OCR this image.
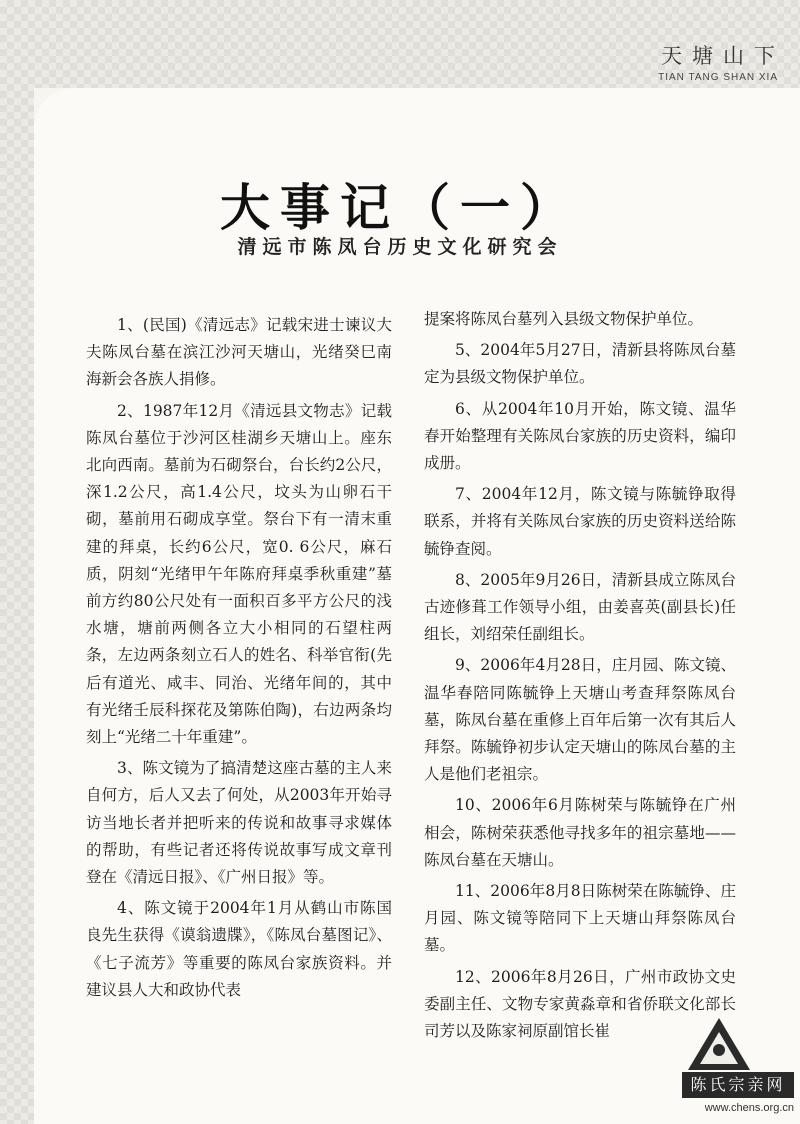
天塘山下
TIAN TANG SHAN XIA
大事记（一）
清远市陈凤台历史文化研究会

1、(民国)《清远志》记载宋进士谏议大夫陈凤台墓在滨江沙河天塘山，光绪癸巳南海新会各族人捐修。

2、1987年12月《清远县文物志》记载陈凤台墓位于沙河区桂湖乡天塘山上。座东北向西南。墓前为石砌祭台，台长约2公尺，深1.2公尺，高1.4公尺，坟头为山卵石干砌，墓前用石砌成享堂。祭台下有一清末重建的拜桌，长约6公尺，宽0. 6公尺，麻石质，阴刻“光绪甲午年陈府拜桌季秋重建”墓前方约80公尺处有一面积百多平方公尺的浅水塘，塘前两侧各立大小相同的石望柱两条，左边两条刻立石人的姓名、科举官衔(先后有道光、咸丰、同治、光绪年间的，其中有光绪壬辰科探花及第陈伯陶)，右边两条均刻上“光绪二十年重建”。

3、陈文镜为了搞清楚这座古墓的主人来自何方，后人又去了何处，从2003年开始寻访当地长者并把听来的传说和故事寻求媒体的帮助，有些记者还将传说故事写成文章刊登在《清远日报》、《广州日报》等。

4、陈文镜于2004年1月从鹤山市陈国良先生获得《谟翁遗牒》，《陈凤台墓图记》、《七子流芳》等重要的陈凤台家族资料。并建议县人大和政协代表

提案将陈凤台墓列入县级文物保护单位。

5、2004年5月27日，清新县将陈凤台墓定为县级文物保护单位。

6、从2004年10月开始，陈文镜、温华春开始整理有关陈凤台家族的历史资料，编印成册。

7、2004年12月，陈文镜与陈毓铮取得联系，并将有关陈凤台家族的历史资料送给陈毓铮查阅。

8、2005年9月26日，清新县成立陈凤台古迹修葺工作领导小组，由姜喜英(副县长)任组长，刘绍荣任副组长。

9、2006年4月28日，庄月园、陈文镜、温华春陪同陈毓铮上天塘山考查拜祭陈凤台墓，陈凤台墓在重修上百年后第一次有其后人拜祭。陈毓铮初步认定天塘山的陈凤台墓的主人是他们老祖宗。

10、2006年6月陈树荣与陈毓铮在广州相会，陈树荣获悉他寻找多年的祖宗墓地——陈凤台墓在天塘山。

11、2006年8月8日陈树荣在陈毓铮、庄月园、陈文镜等陪同下上天塘山拜祭陈凤台墓。

12、2006年8月26日，广州市政协文史委副主任、文物专家黄淼章和省侨联文化部长司芳以及陈家祠原副馆长崔

陈氏宗亲网
www.chens.org.cn
